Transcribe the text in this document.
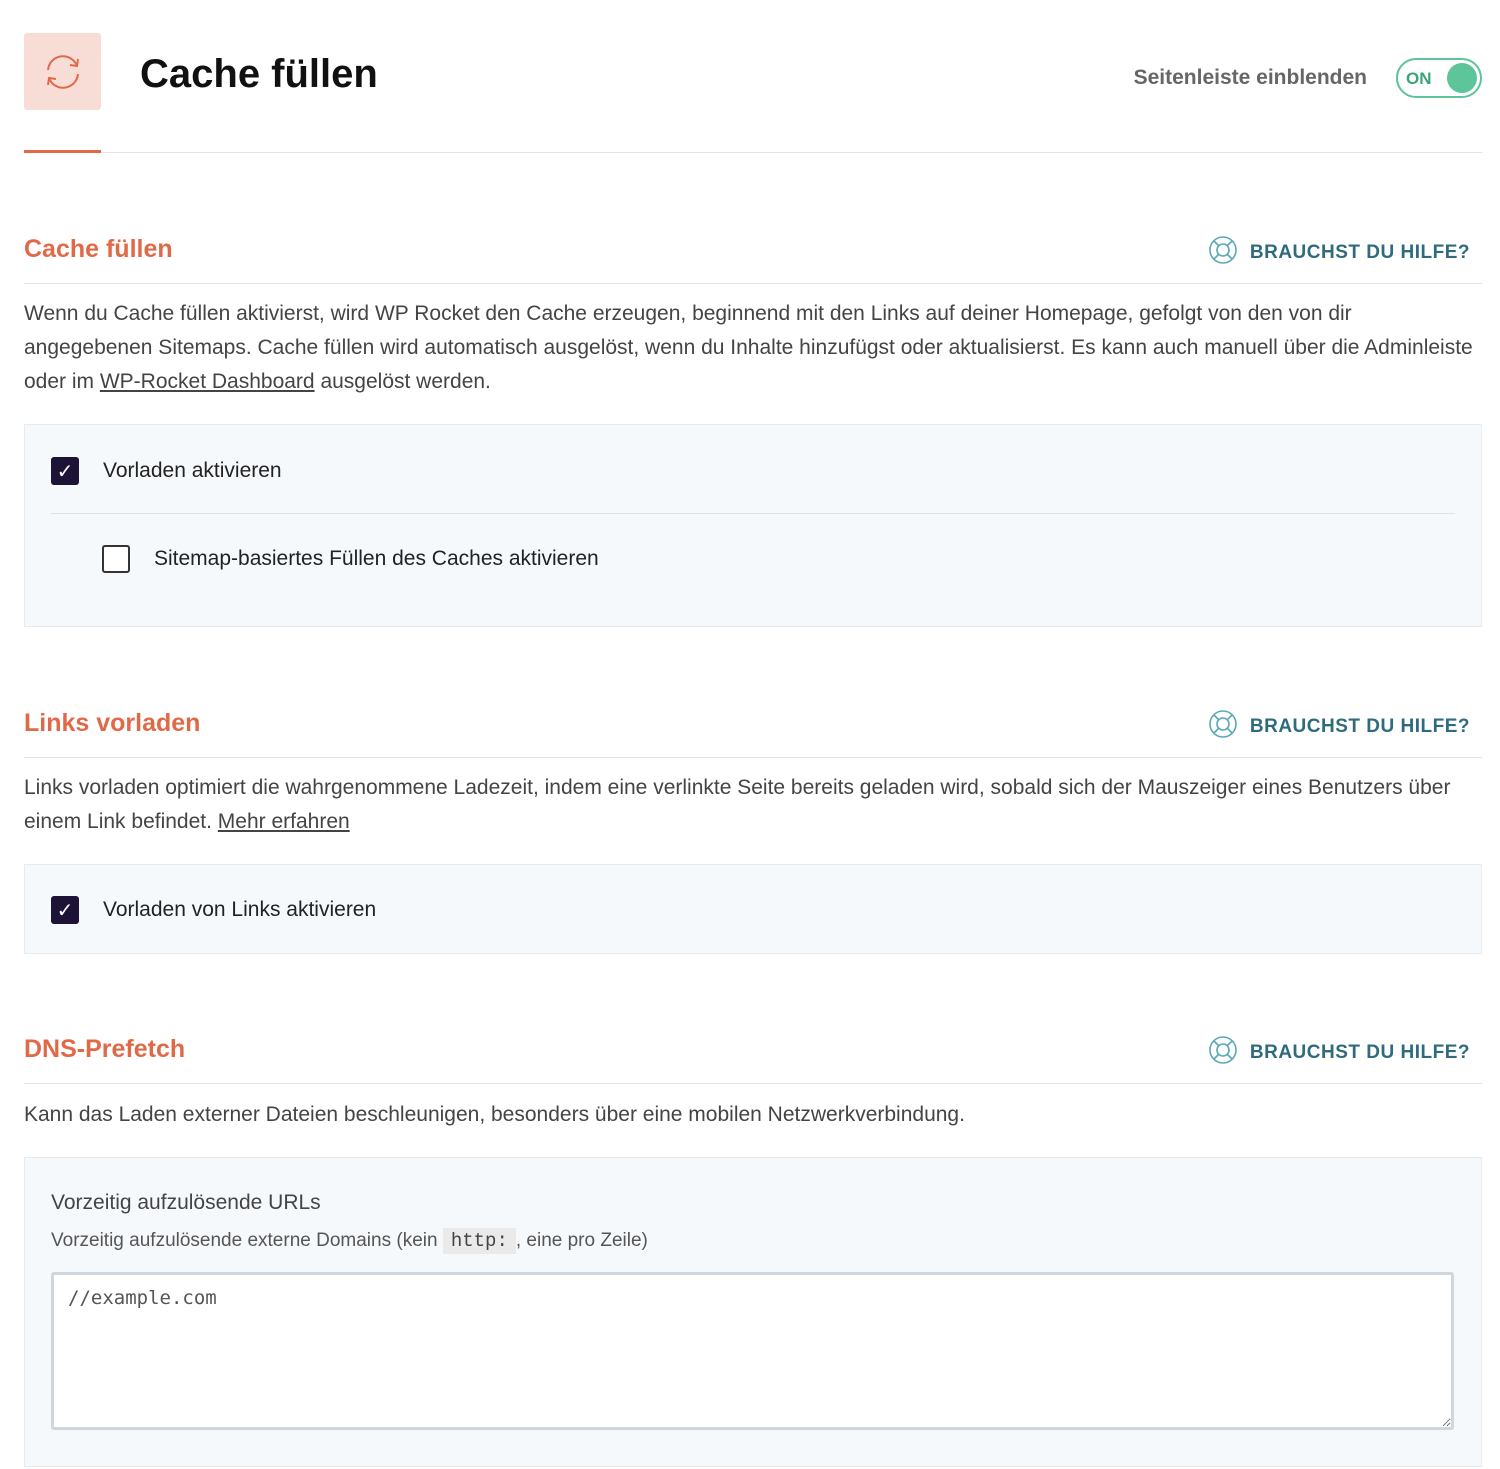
Cache füllen	Seitenleiste einblenden ON
Cache füllen	BRAUCHST DU HILFE?
Wenn du Cache füllen aktivierst, wird WP Rocket den Cache erzeugen, beginnend mit den Links auf deiner Homepage, gefolgt von den von dir angegebenen Sitemaps. Cache füllen wird automatisch ausgelöst, wenn du Inhalte hinzufügst oder aktualisierst. Es kann auch manuell über die Adminleiste oder im WP-Rocket Dashboard ausgelöst werden.
✓ Vorladen aktivieren
Sitemap-basiertes Füllen des Caches aktivieren
Links vorladen	BRAUCHST DU HILFE?
Links vorladen optimiert die wahrgenommene Ladezeit, indem eine verlinkte Seite bereits geladen wird, sobald sich der Mauszeiger eines Benutzers über einem Link befindet. Mehr erfahren
✓ Vorladen von Links aktivieren
DNS-Prefetch	BRAUCHST DU HILFE?
Kann das Laden externer Dateien beschleunigen, besonders über eine mobilen Netzwerkverbindung.
Vorzeitig aufzulösende URLs
Vorzeitig aufzulösende externe Domains (kein http: , eine pro Zeile)
//example.com
